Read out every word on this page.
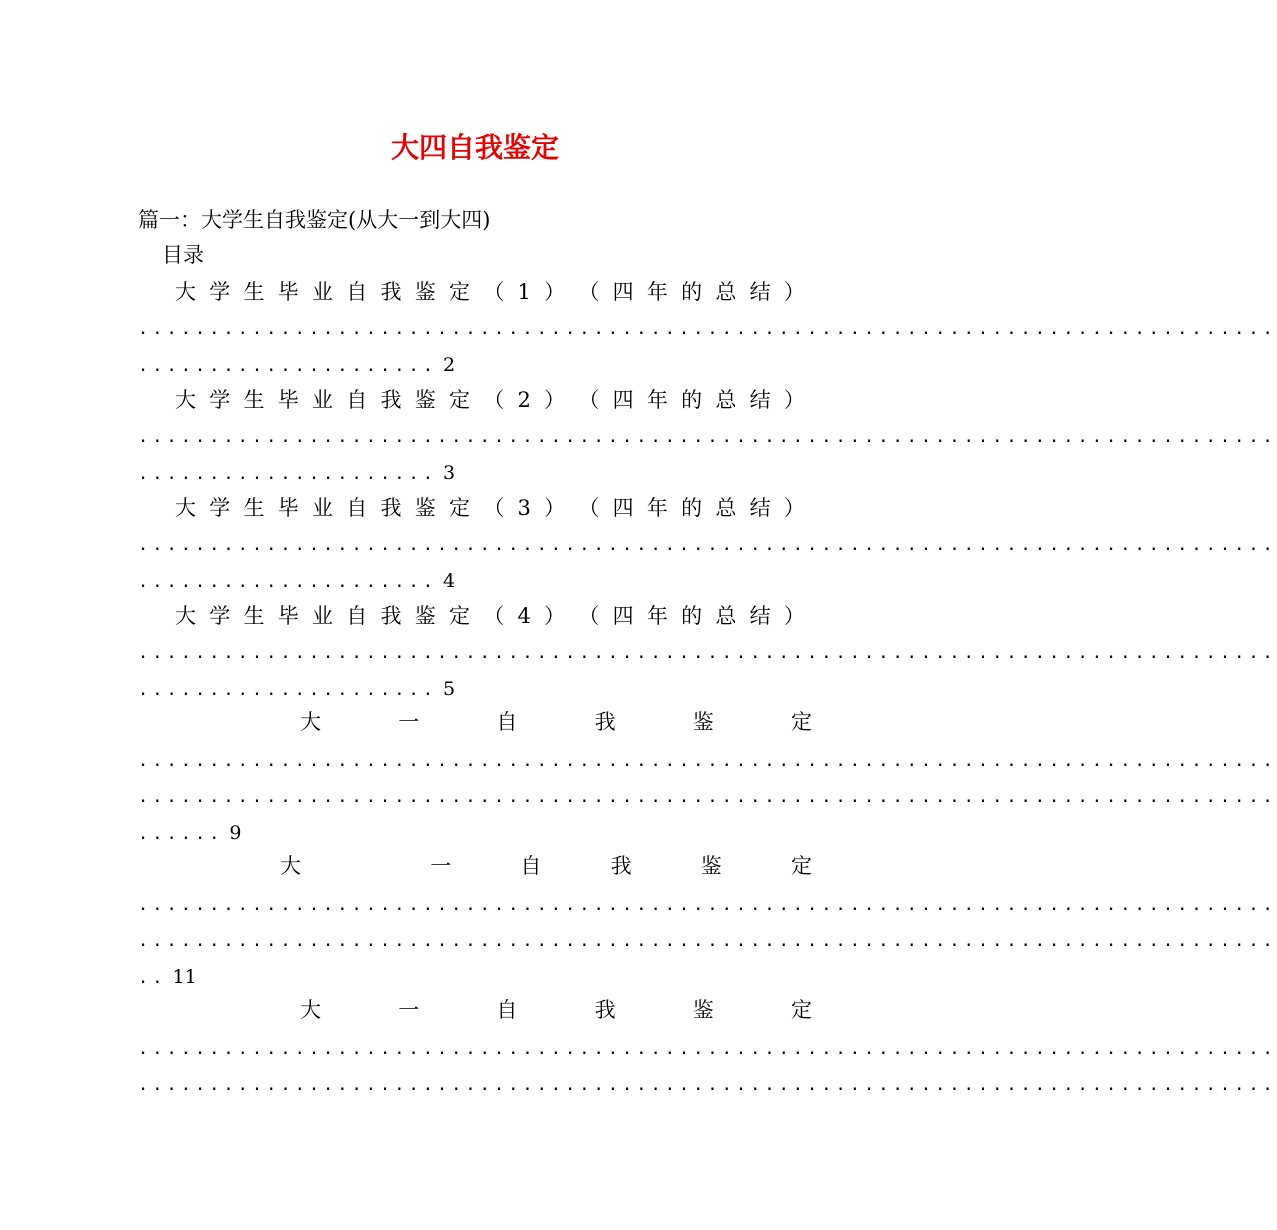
大四自我鉴定
篇一：大学生自我鉴定(从大一到大四)
目录
大 学 生 毕 业 自 我 鉴 定 （ 1 ） （ 四 年 的 总 结 ）
................................................................................
..................... 2
大 学 生 毕 业 自 我 鉴 定 （ 2 ） （ 四 年 的 总 结 ）
................................................................................
..................... 3
大 学 生 毕 业 自 我 鉴 定 （ 3 ） （ 四 年 的 总 结 ）
................................................................................
..................... 4
大 学 生 毕 业 自 我 鉴 定 （ 4 ） （ 四 年 的 总 结 ）
................................................................................
..................... 5
大	一	自	我	鉴	定
................................................................................
................................................................................
...... 9
大	一	自	我	鉴	定
................................................................................
................................................................................
.. 11
大	一	自	我	鉴	定
................................................................................
................................................................................
